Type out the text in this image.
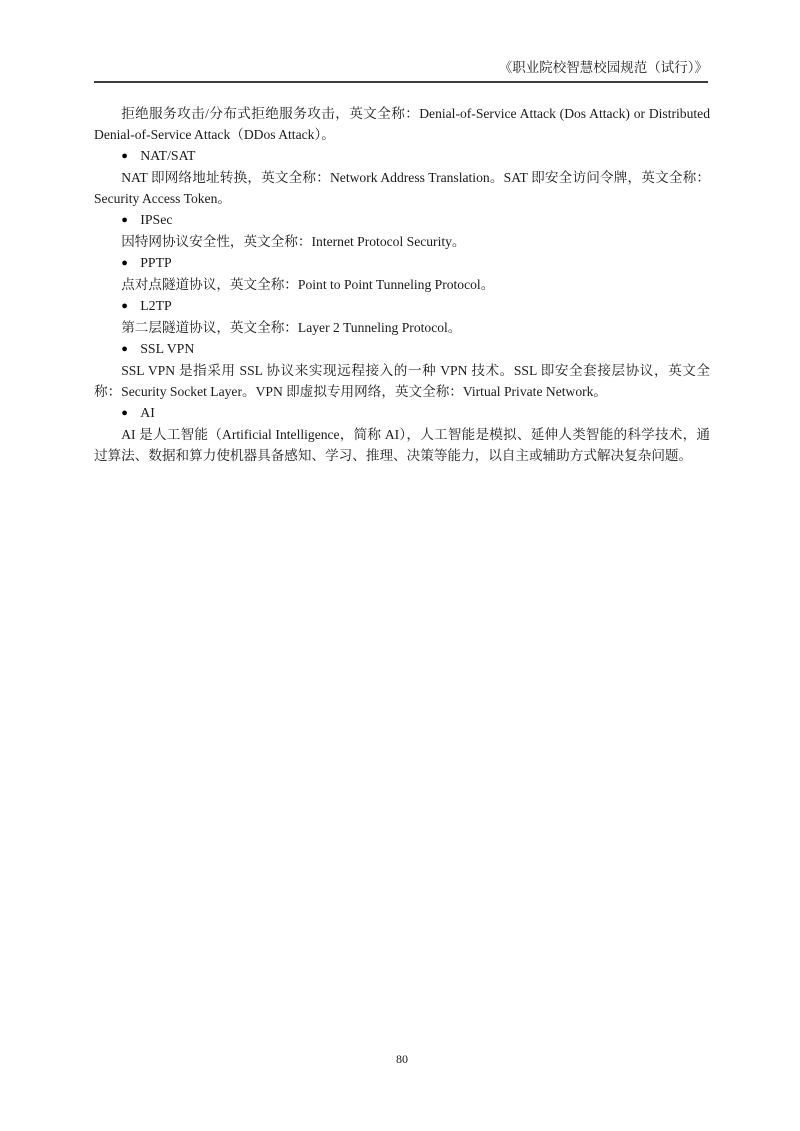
《职业院校智慧校园规范（试行）》

拒绝服务攻击/分布式拒绝服务攻击，英文全称：Denial-of-Service Attack (Dos Attack) or Distributed Denial-of-Service Attack（DDos Attack）。

● NAT/SAT

NAT 即网络地址转换，英文全称：Network Address Translation。SAT 即安全访问令牌，英文全称：Security Access Token。

● IPSec

因特网协议安全性，英文全称：Internet Protocol Security。

● PPTP

点对点隧道协议，英文全称：Point to Point Tunneling Protocol。

● L2TP

第二层隧道协议，英文全称：Layer 2 Tunneling Protocol。

● SSL VPN

SSL VPN 是指采用 SSL 协议来实现远程接入的一种 VPN 技术。SSL 即安全套接层协议，英文全称：Security Socket Layer。VPN 即虚拟专用网络，英文全称：Virtual Private Network。

● AI

AI 是人工智能（Artificial Intelligence，简称 AI），人工智能是模拟、延伸人类智能的科学技术，通过算法、数据和算力使机器具备感知、学习、推理、决策等能力，以自主或辅助方式解决复杂问题。

80
